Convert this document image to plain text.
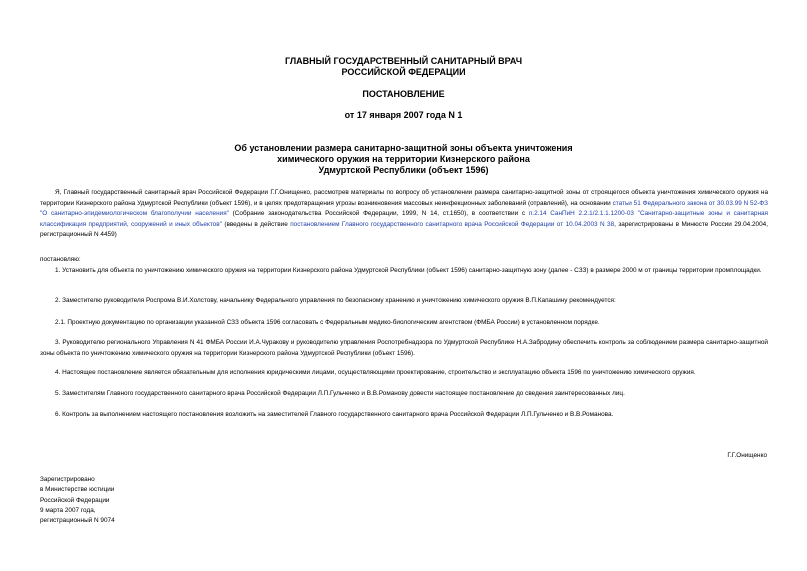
ГЛАВНЫЙ ГОСУДАРСТВЕННЫЙ САНИТАРНЫЙ ВРАЧ
РОССИЙСКОЙ ФЕДЕРАЦИИ
ПОСТАНОВЛЕНИЕ
от 17 января 2007 года N 1
Об установлении размера санитарно-защитной зоны объекта уничтожения
химического оружия на территории Кизнерского района
Удмуртской Республики (объект 1596)
Я, Главный государственный санитарный врач Российской Федерации Г.Г.Онищенко, рассмотрев материалы по вопросу об установлении размера санитарно-защитной зоны от строящегося объекта уничтожения химического оружия на территории Кизнерского района Удмуртской Республики (объект 1596), и в целях предотвращения угрозы возникновения массовых неинфекционных заболеваний (отравлений), на основании статьи 51 Федерального закона от 30.03.99 N 52-ФЗ "О санитарно-эпидемиологическом благополучии населения" (Собрание законодательства Российской Федерации, 1999, N 14, ст.1650), в соответствии с п.2.14 СанПиН 2.2.1/2.1.1.1200-03 "Санитарно-защитные зоны и санитарная классификация предприятий, сооружений и иных объектов" (введены в действие постановлением Главного государственного санитарного врача Российской Федерации от 10.04.2003 N 38, зарегистрированы в Минюсте России 29.04.2004, регистрационный N 4459)
постановляю:
1. Установить для объекта по уничтожению химического оружия на территории Кизнерского района Удмуртской Республики (объект 1596) санитарно-защитную зону (далее - СЗЗ) в размере 2000 м от границы территории промплощадки.
2. Заместителю руководителя Роспрома В.И.Холстову, начальнику Федерального управления по безопасному хранению и уничтожению химического оружия В.П.Капашину рекомендуется:
2.1. Проектную документацию по организации указанной СЗЗ объекта 1596 согласовать с Федеральным медико-биологическим агентством (ФМБА России) в установленном порядке.
3. Руководителю регионального Управления N 41 ФМБА России И.А.Чуракову и руководителю управления Роспотребнадзора по Удмуртской Республике Н.А.Забродину обеспечить контроль за соблюдением размера санитарно-защитной зоны объекта по уничтожению химического оружия на территории Кизнерского района Удмуртской Республики (объект 1596).
4. Настоящее постановление является обязательным для исполнения юридическими лицами, осуществляющими проектирование, строительство и эксплуатацию объекта 1596 по уничтожению химического оружия.
5. Заместителям Главного государственного санитарного врача Российской Федерации Л.П.Гульченко и В.В.Романову довести настоящее постановление до сведения заинтересованных лиц.
6. Контроль за выполнением настоящего постановления возложить на заместителей Главного государственного санитарного врача Российской Федерации Л.П.Гульченко и В.В.Романова.
Г.Г.Онищенко
Зарегистрировано
в Министерстве юстиции
Российской Федерации
9 марта 2007 года,
регистрационный N 9074
